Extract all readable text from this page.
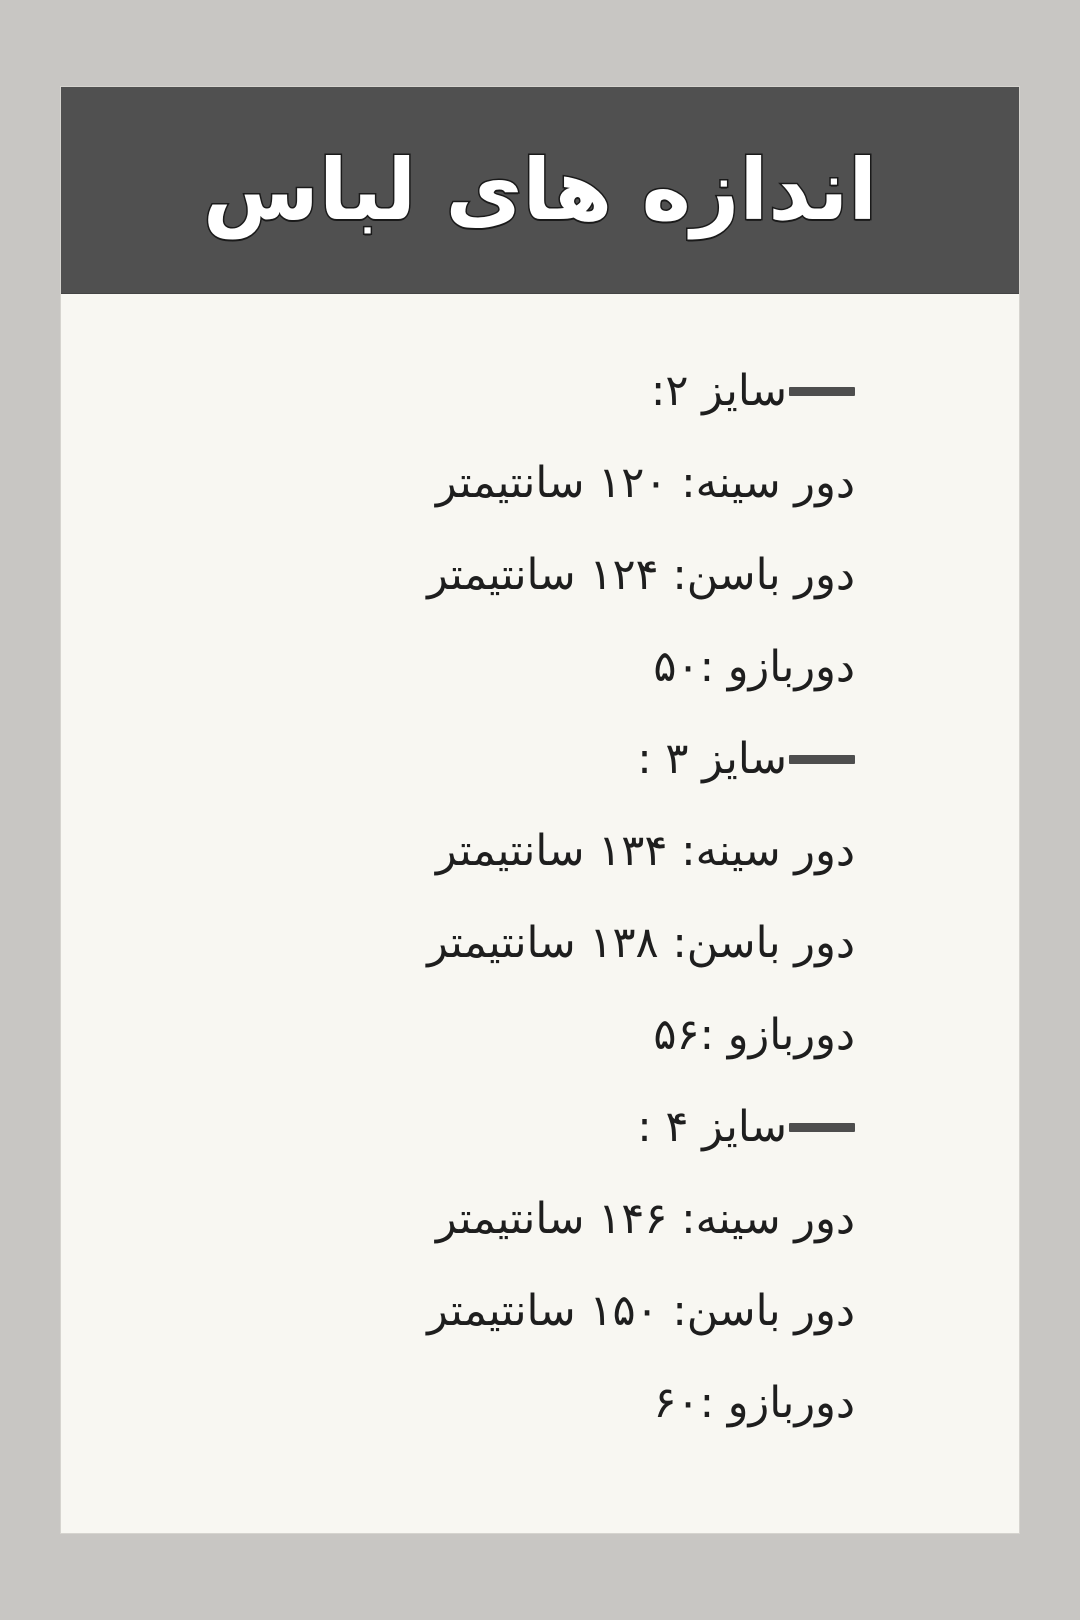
اندازه های لباس
سایز ۲:
دور سینه: ۱۲۰ سانتیمتر
دور باسن: ۱۲۴ سانتیمتر
دوربازو :۵۰
سایز ۳ :
دور سینه: ۱۳۴ سانتیمتر
دور باسن: ۱۳۸ سانتیمتر
دوربازو :۵۶
سایز ۴ :
دور سینه: ۱۴۶ سانتیمتر
دور باسن: ۱۵۰ سانتیمتر
دوربازو :۶۰
